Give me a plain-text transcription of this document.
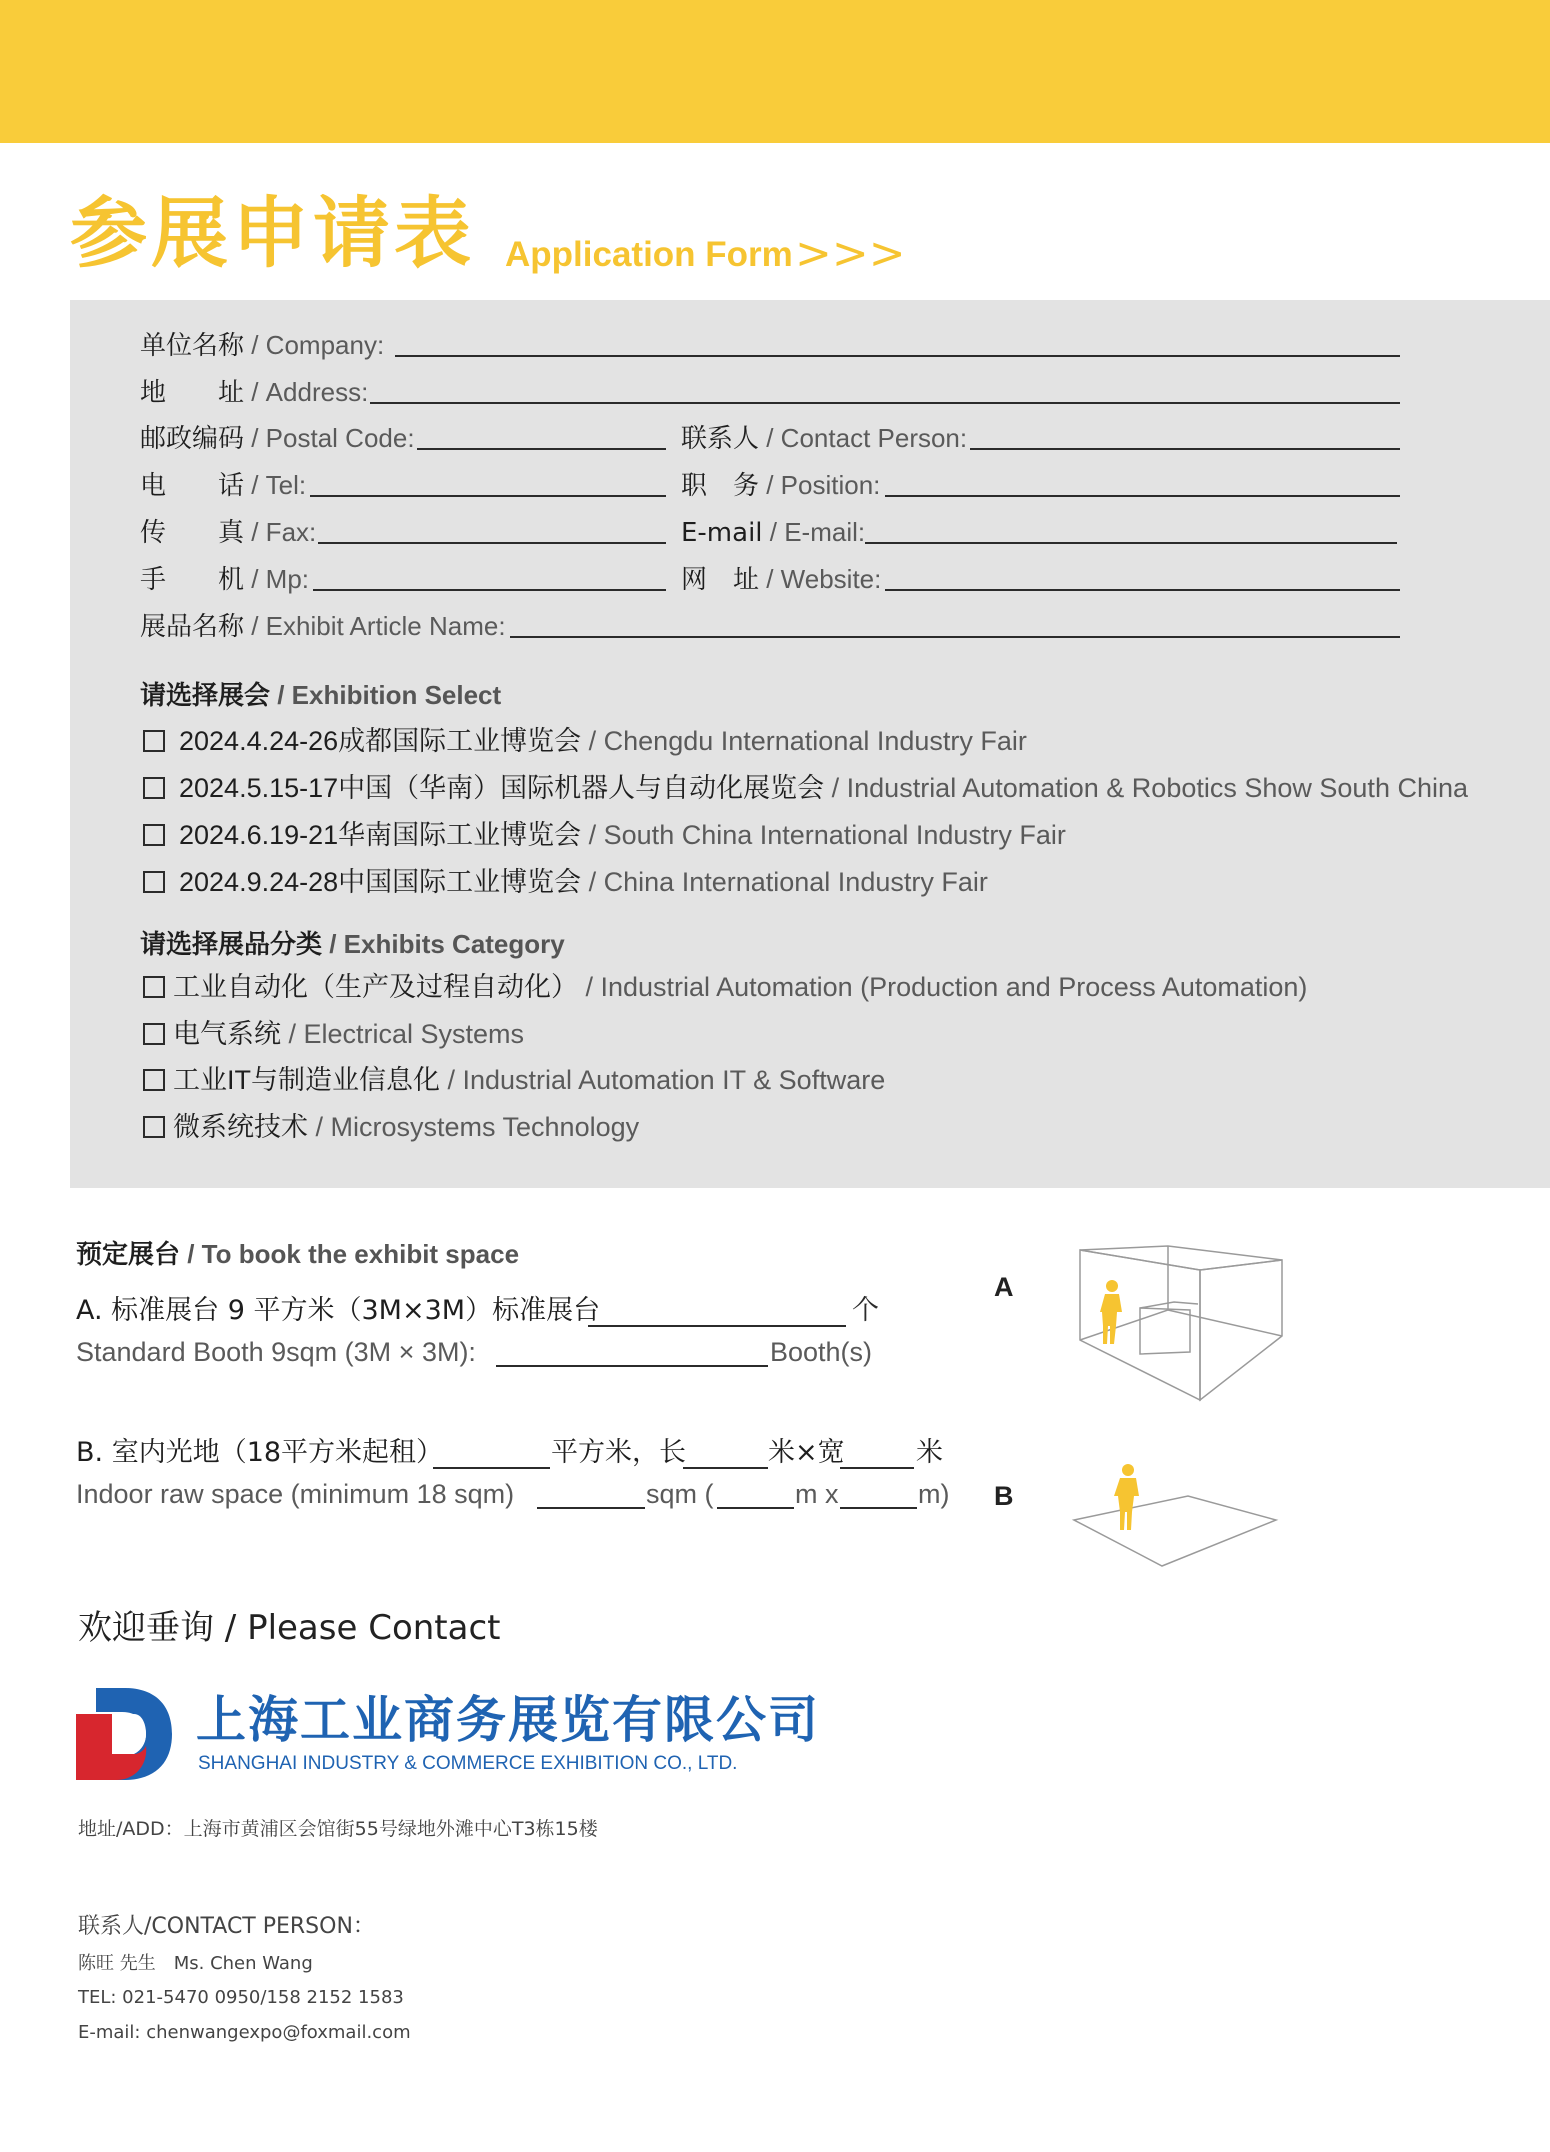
参展申请表 Application Form >>>
单位名称 / Company:
地　　址 / Address:
邮政编码 / Postal Code:	联系人 / Contact Person:
电　　话 / Tel:	职　务 / Position:
传　　真 / Fax:	E-mail / E-mail:
手　　机 / Mp:	网　址 / Website:
展品名称 / Exhibit Article Name:
请选择展会 / Exhibition Select
2024.4.24-26成都国际工业博览会 / Chengdu International Industry Fair
2024.5.15-17中国（华南）国际机器人与自动化展览会 / Industrial Automation & Robotics Show South China
2024.6.19-21华南国际工业博览会 / South China International Industry Fair
2024.9.24-28中国国际工业博览会 / China International Industry Fair
请选择展品分类 / Exhibits Category
工业自动化（生产及过程自动化） / Industrial Automation (Production and Process Automation)
电气系统 / Electrical Systems
工业IT与制造业信息化 / Industrial Automation IT & Software
微系统技术 / Microsystems Technology
预定展台 / To book the exhibit space
A. 标准展台 9 平方米（3M×3M）标准展台	个
Standard Booth 9sqm (3M × 3M):	Booth(s)
B. 室内光地（18平方米起租）	平方米，长	米×宽	米
Indoor raw space (minimum 18 sqm)	sqm (	m x	m)
A
B
欢迎垂询 / Please Contact
上海工业商务展览有限公司
SHANGHAI INDUSTRY & COMMERCE EXHIBITION CO., LTD.
地址/ADD：上海市黄浦区会馆街55号绿地外滩中心T3栋15楼
联系人/CONTACT PERSON：
陈旺 先生　Ms. Chen Wang
TEL: 021-5470 0950/158 2152 1583
E-mail: chenwangexpo@foxmail.com
